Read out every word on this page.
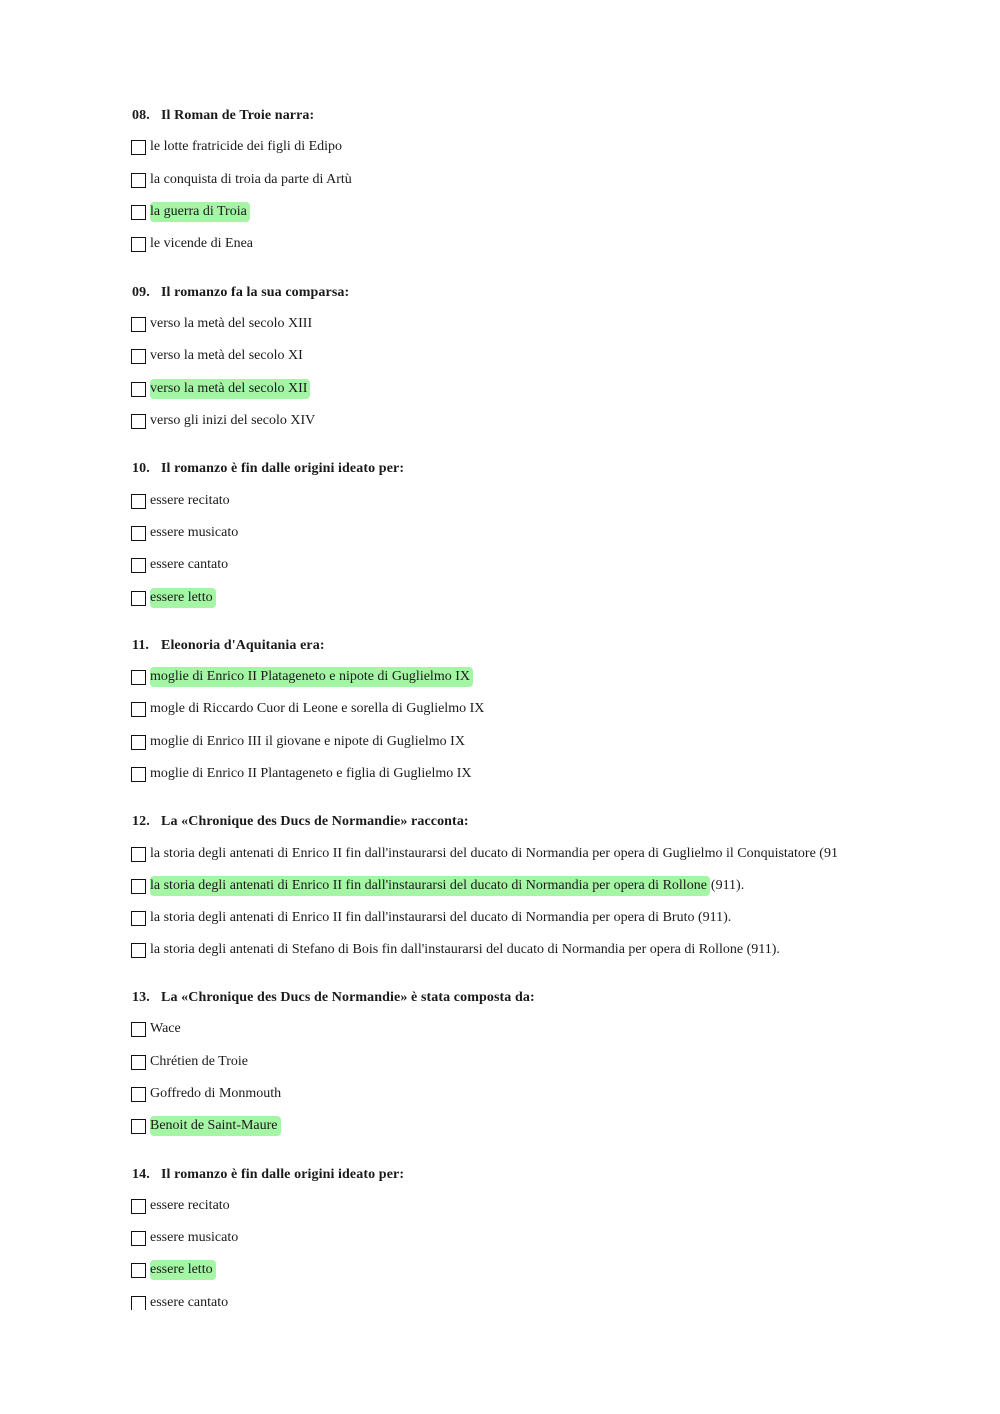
08. Il Roman de Troie narra:
le lotte fratricide dei figli di Edipo
la conquista di troia da parte di Artù
la guerra di Troia
le vicende di Enea
09. Il romanzo fa la sua comparsa:
verso la metà del secolo XIII
verso la metà del secolo XI
verso la metà del secolo XII
verso gli inizi del secolo XIV
10. Il romanzo è fin dalle origini ideato per:
essere recitato
essere musicato
essere cantato
essere letto
11. Eleonoria d'Aquitania era:
moglie di Enrico II Platageneto e nipote di Guglielmo IX
mogle di Riccardo Cuor di Leone e sorella di Guglielmo IX
moglie di Enrico III il giovane e nipote di Guglielmo IX
moglie di Enrico II Plantageneto e figlia di Guglielmo IX
12. La «Chronique des Ducs de Normandie» racconta:
la storia degli antenati di Enrico II fin dall'instaurarsi del ducato di Normandia per opera di Guglielmo il Conquistatore (91
la storia degli antenati di Enrico II fin dall'instaurarsi del ducato di Normandia per opera di Rollone (911).
la storia degli antenati di Enrico II fin dall'instaurarsi del ducato di Normandia per opera di Bruto (911).
la storia degli antenati di Stefano di Bois fin dall'instaurarsi del ducato di Normandia per opera di Rollone (911).
13. La «Chronique des Ducs de Normandie» è stata composta da:
Wace
Chrétien de Troie
Goffredo di Monmouth
Benoit de Saint-Maure
14. Il romanzo è fin dalle origini ideato per:
essere recitato
essere musicato
essere letto
essere cantato
